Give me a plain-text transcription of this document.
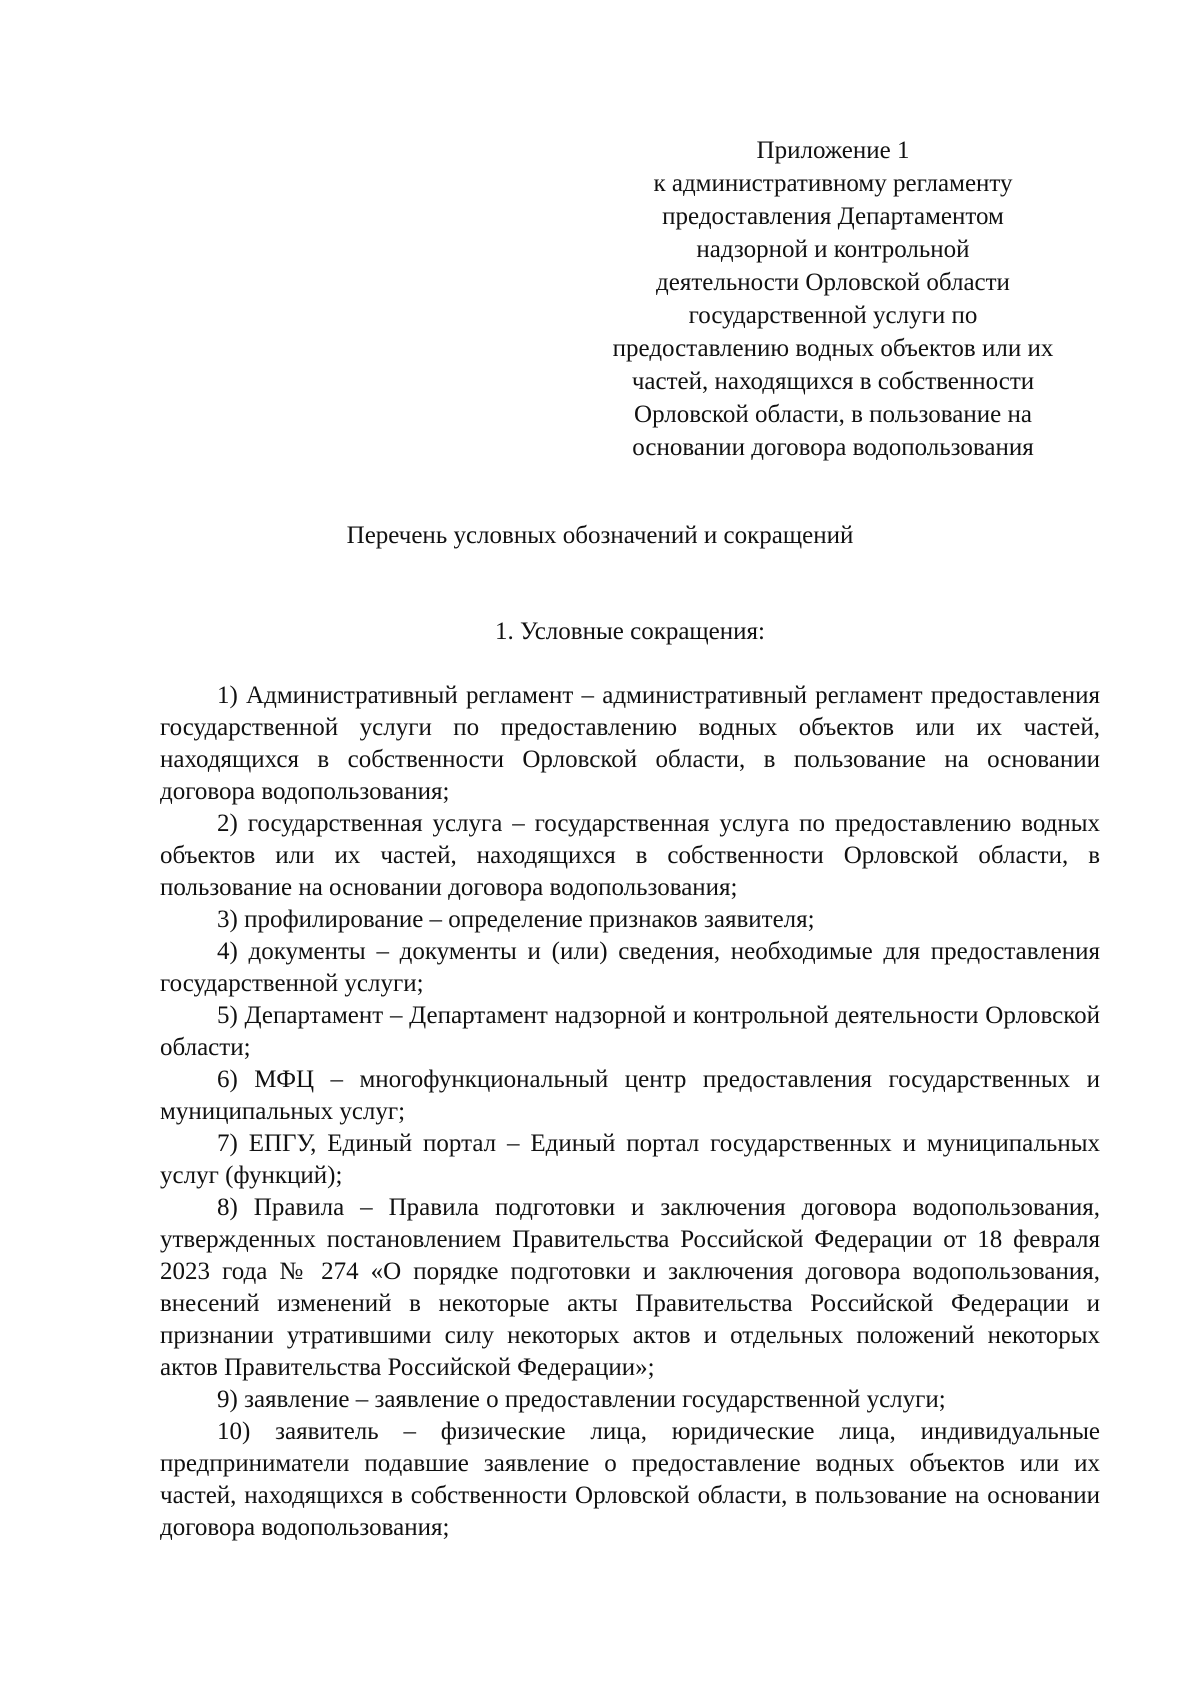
Приложение 1
к административному регламенту
предоставления Департаментом
надзорной и контрольной
деятельности Орловской области
государственной услуги по
предоставлению водных объектов или их
частей, находящихся в собственности
Орловской области, в пользование на
основании договора водопользования
Перечень условных обозначений и сокращений
1. Условные сокращения:

1) Административный регламент – административный регламент предоставления государственной услуги по предоставлению водных объектов или их частей, находящихся в собственности Орловской области, в пользование на основании договора водопользования;

2) государственная услуга – государственная услуга по предоставлению водных объектов или их частей, находящихся в собственности Орловской области, в пользование на основании договора водопользования;

3) профилирование – определение признаков заявителя;

4) документы – документы и (или) сведения, необходимые для предоставления государственной услуги;

5) Департамент – Департамент надзорной и контрольной деятельности Орловской области;

6) МФЦ – многофункциональный центр предоставления государственных и муниципальных услуг;

7) ЕПГУ, Единый портал – Единый портал государственных и муниципальных услуг (функций);

8) Правила – Правила подготовки и заключения договора водопользования, утвержденных постановлением Правительства Российской Федерации от 18 февраля 2023 года № 274 «О порядке подготовки и заключения договора водопользования, внесений изменений в некоторые акты Правительства Российской Федерации и признании утратившими силу некоторых актов и отдельных положений некоторых актов Правительства Российской Федерации»;

9) заявление – заявление о предоставлении государственной услуги;

10) заявитель – физические лица, юридические лица, индивидуальные предприниматели подавшие заявление о предоставление водных объектов или их частей, находящихся в собственности Орловской области, в пользование на основании договора водопользования;
